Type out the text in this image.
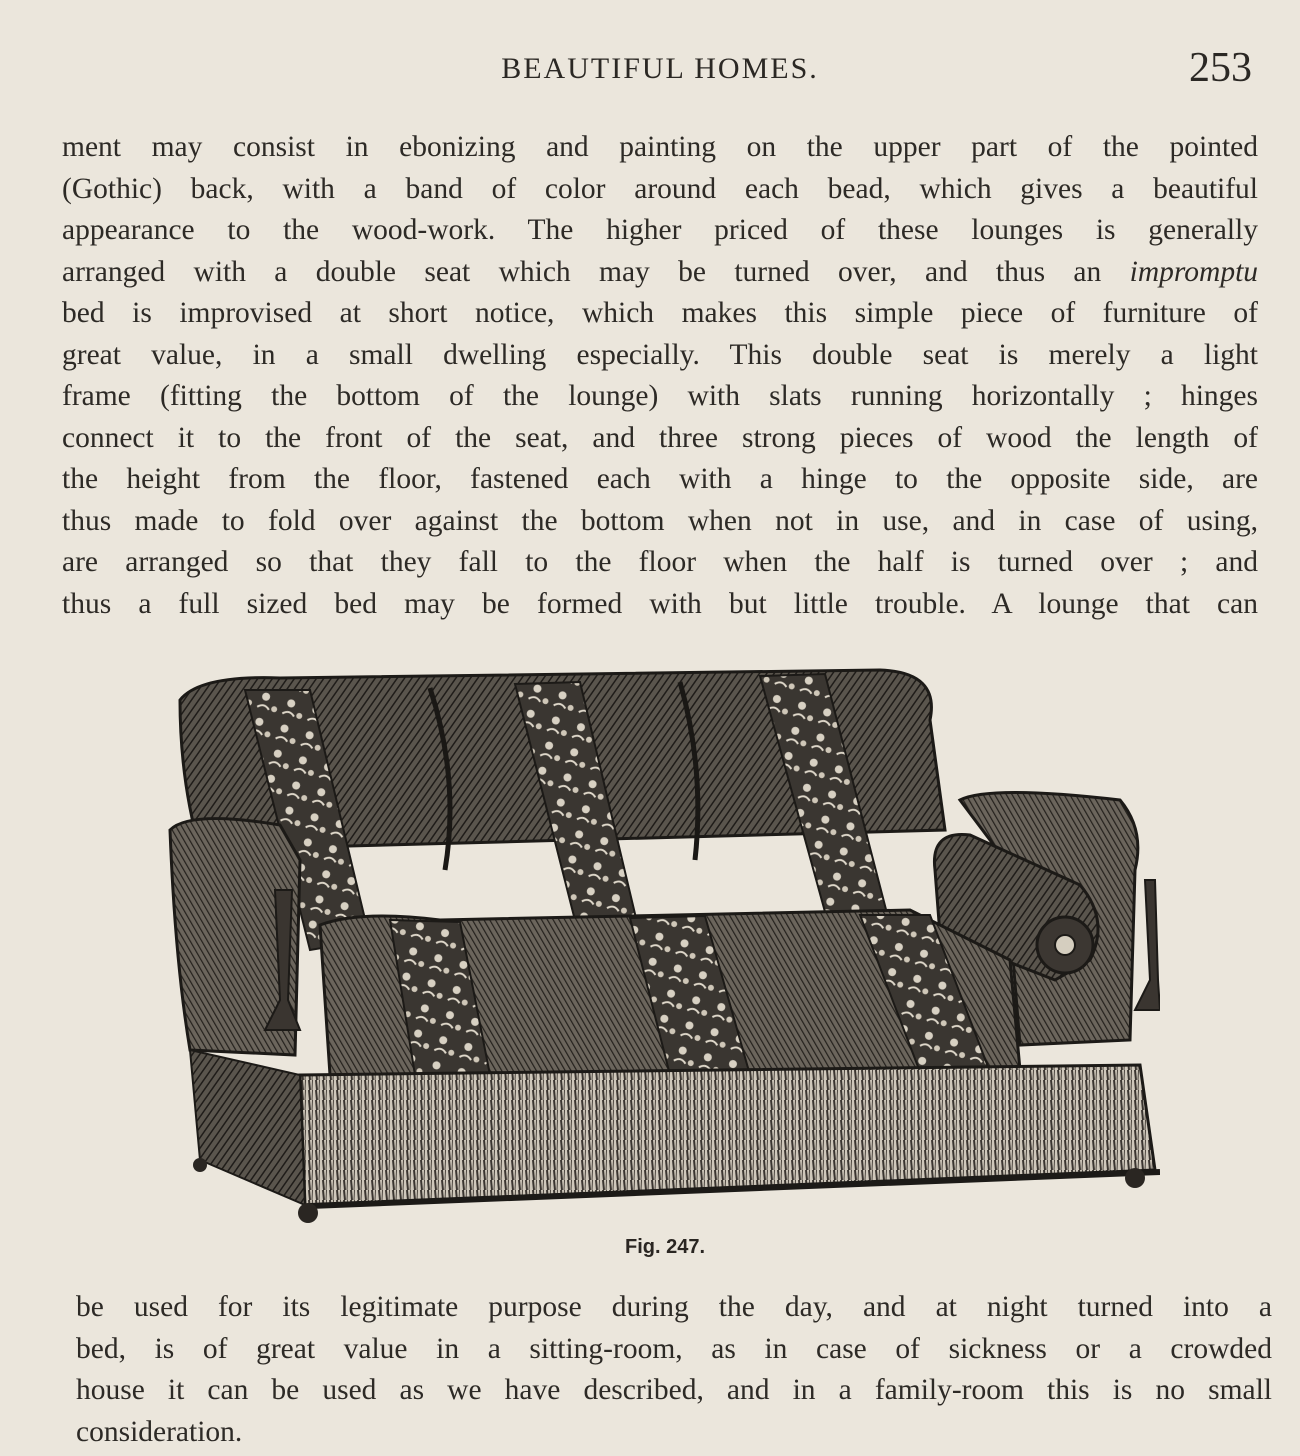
BEAUTIFUL HOMES.	253
ment may consist in ebonizing and painting on the upper part of the pointed
(Gothic) back, with a band of color around each bead, which gives a beautiful
appearance to the wood-work. The higher priced of these lounges is generally
arranged with a double seat which may be turned over, and thus an impromptu
bed is improvised at short notice, which makes this simple piece of furniture of
great value, in a small dwelling especially. This double seat is merely a light
frame (fitting the bottom of the lounge) with slats running horizontally ; hinges
connect it to the front of the seat, and three strong pieces of wood the length of
the height from the floor, fastened each with a hinge to the opposite side, are
thus made to fold over against the bottom when not in use, and in case of using,
are arranged so that they fall to the floor when the half is turned over ; and
thus a full sized bed may be formed with but little trouble. A lounge that can
Fig. 247.
be used for its legitimate purpose during the day, and at night turned into a
bed, is of great value in a sitting-room, as in case of sickness or a crowded
house it can be used as we have described, and in a family-room this is no small
consideration.
